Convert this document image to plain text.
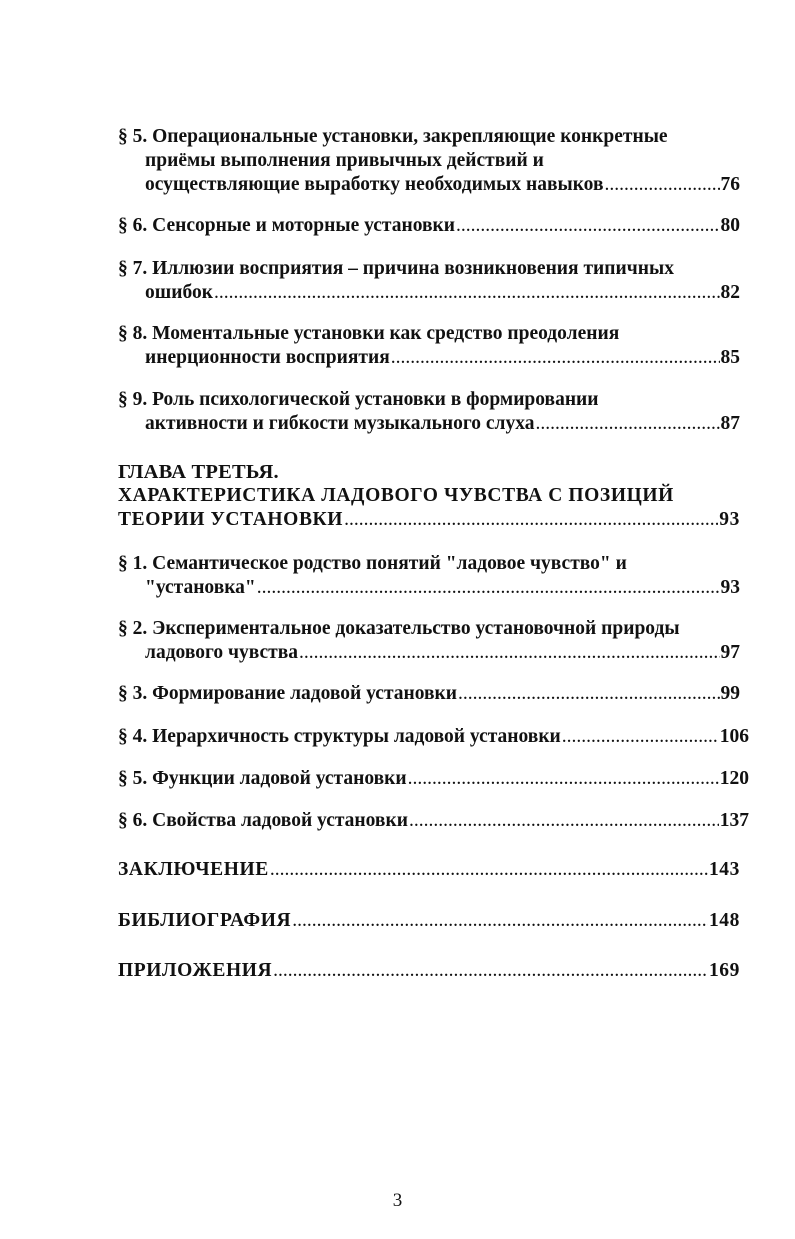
§ 5. Операциональные установки, закрепляющие конкретные
приёмы выполнения привычных действий и
осуществляющие выработку необходимых навыков .....	76
§ 6. Сенсорные и моторные установки .....	80
§ 7. Иллюзии восприятия – причина возникновения типичных
ошибок .....	82
§ 8. Моментальные установки как средство преодоления
инерционности восприятия .....	85
§ 9. Роль психологической установки в формировании
активности и гибкости музыкального слуха .....	87
ГЛАВА ТРЕТЬЯ.
ХАРАКТЕРИСТИКА ЛАДОВОГО ЧУВСТВА С ПОЗИЦИЙ
ТЕОРИИ УСТАНОВКИ .....	93
§ 1. Семантическое родство понятий "ладовое чувство" и
"установка" .....	93
§ 2. Экспериментальное доказательство установочной природы
ладового чувства .....	97
§ 3. Формирование ладовой установки .....	99
§ 4. Иерархичность структуры ладовой установки .....	106
§ 5. Функции ладовой установки .....	120
§ 6. Свойства ладовой установки .....	137
ЗАКЛЮЧЕНИЕ .....	143
БИБЛИОГРАФИЯ .....	148
ПРИЛОЖЕНИЯ .....	169
3
